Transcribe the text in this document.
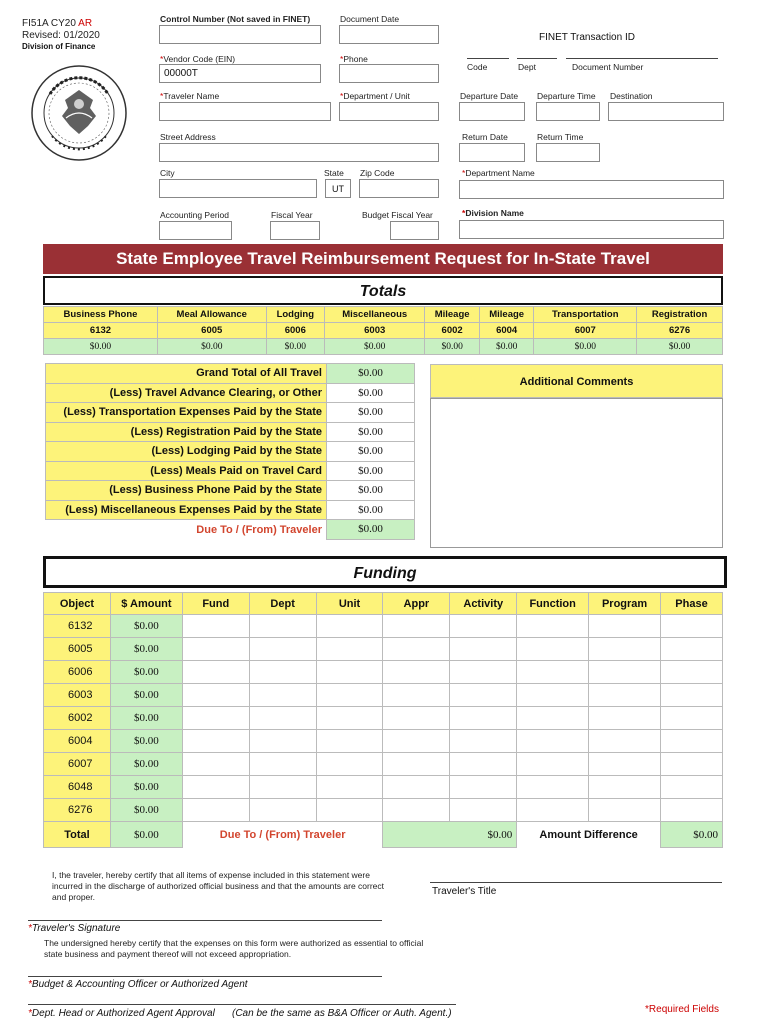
FI51A CY20 AR
Revised: 01/2020
Division of Finance
Control Number (Not saved in FINET)	Document Date
FINET Transaction ID
*Vendor Code (EIN)
00000T
*Phone
Code	Dept	Document Number
*Traveler Name	*Department / Unit	Departure Date Departure Time Destination
Street Address	Return Date	Return Time
City	State
UT
Zip Code	*Department Name
Accounting Period	Fiscal Year	Budget Fiscal Year	*Division Name
State Employee Travel Reimbursement Request for In-State Travel
Totals
Business Phone	Meal Allowance	Lodging	Miscellaneous	Mileage	Mileage	Transportation	Registration
6132	6005	6006	6003	6002	6004	6007	6276
$0.00	$0.00	$0.00	$0.00	$0.00	$0.00	$0.00	$0.00
Grand Total of All Travel	$0.00
(Less) Travel Advance Clearing, or Other	$0.00
(Less) Transportation Expenses Paid by the State	$0.00
(Less) Registration Paid by the State	$0.00
(Less) Lodging Paid by the State	$0.00
(Less) Meals Paid on Travel Card	$0.00
(Less) Business Phone Paid by the State	$0.00
(Less) Miscellaneous Expenses Paid by the State	$0.00
Due To / (From) Traveler	$0.00
Additional Comments
Funding
Object	$ Amount	Fund	Dept	Unit	Appr	Activity	Function	Program	Phase
6132	$0.00								
6005	$0.00								
6006	$0.00								
6003	$0.00								
6002	$0.00								
6004	$0.00								
6007	$0.00								
6048	$0.00								
6276	$0.00								
Total	$0.00	Due To / (From) Traveler			$0.00		Amount Difference		$0.00
I, the traveler, hereby certify that all items of expense included in this statement were incurred in the discharge of authorized official business and that the amounts are correct and proper.	Traveler's Title
*Traveler's Signature
The undersigned hereby certify that the expenses on this form were authorized as essential to official state business and payment thereof will not exceed appropriation.
*Budget & Accounting Officer or Authorized Agent
*Dept. Head or Authorized Agent Approval (Can be the same as B&A Officer or Auth. Agent.)	*Required Fields
